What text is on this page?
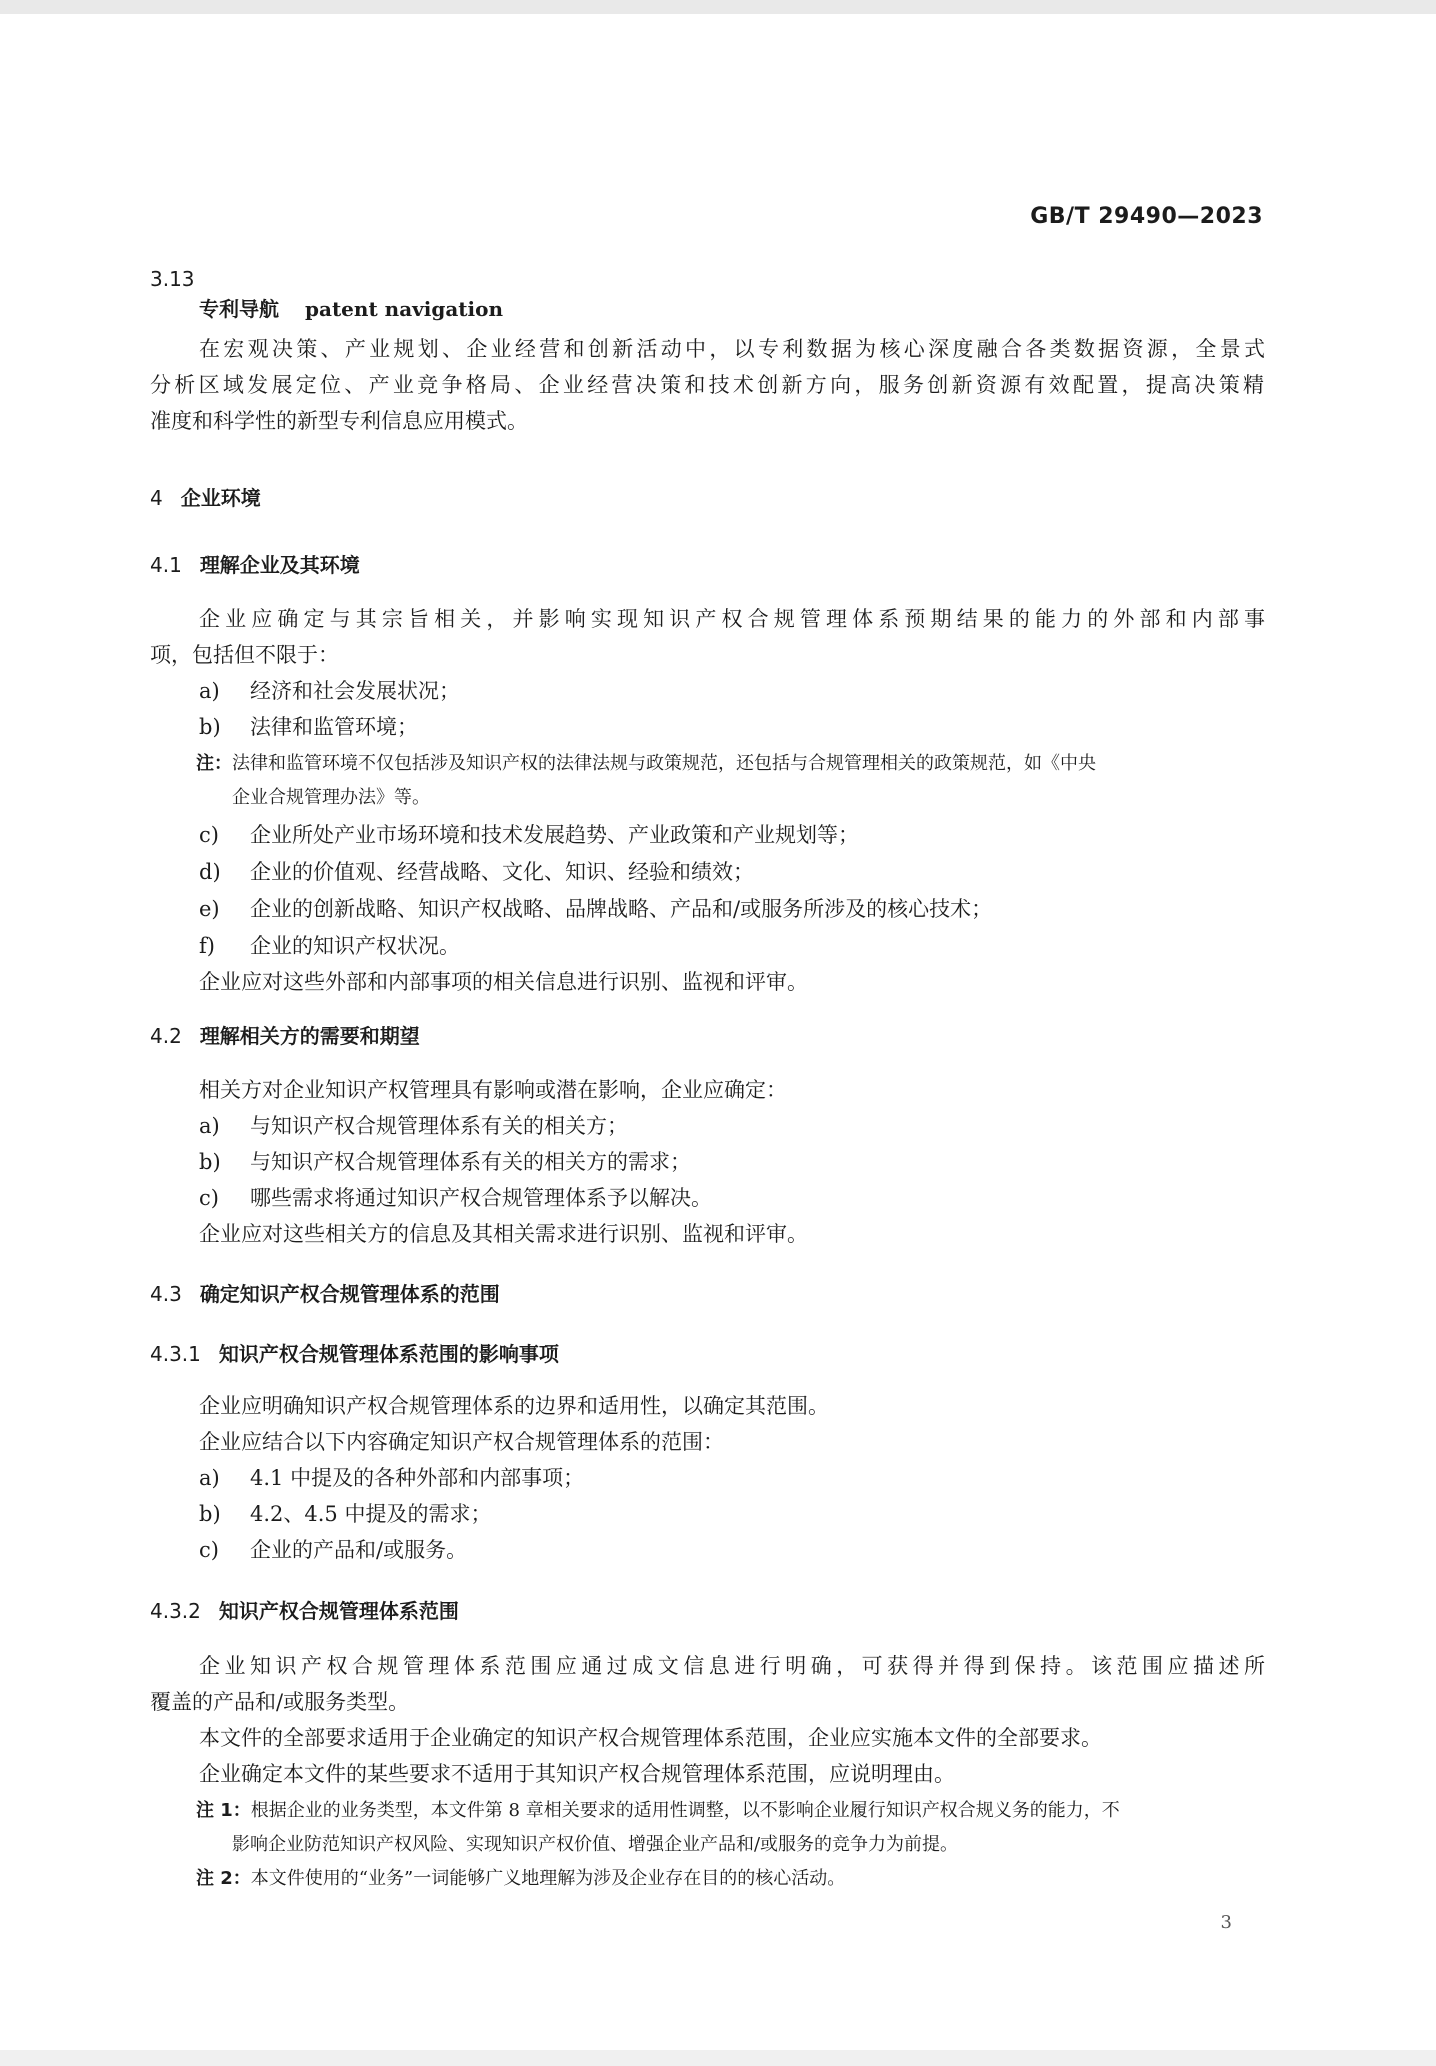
GB/T 29490—2023
3.13
专利导航 patent navigation
在宏观决策、产业规划、企业经营和创新活动中，以专利数据为核心深度融合各类数据资源，全景式
分析区域发展定位、产业竞争格局、企业经营决策和技术创新方向，服务创新资源有效配置，提高决策精
准度和科学性的新型专利信息应用模式。
4 企业环境
4.1 理解企业及其环境
企业应确定与其宗旨相关，并影响实现知识产权合规管理体系预期结果的能力的外部和内部事
项，包括但不限于：
a) 经济和社会发展状况；
b) 法律和监管环境；
注：法律和监管环境不仅包括涉及知识产权的法律法规与政策规范，还包括与合规管理相关的政策规范，如《中央
企业合规管理办法》等。
c) 企业所处产业市场环境和技术发展趋势、产业政策和产业规划等；
d) 企业的价值观、经营战略、文化、知识、经验和绩效；
e) 企业的创新战略、知识产权战略、品牌战略、产品和/或服务所涉及的核心技术；
f) 企业的知识产权状况。
企业应对这些外部和内部事项的相关信息进行识别、监视和评审。
4.2 理解相关方的需要和期望
相关方对企业知识产权管理具有影响或潜在影响，企业应确定：
a) 与知识产权合规管理体系有关的相关方；
b) 与知识产权合规管理体系有关的相关方的需求；
c) 哪些需求将通过知识产权合规管理体系予以解决。
企业应对这些相关方的信息及其相关需求进行识别、监视和评审。
4.3 确定知识产权合规管理体系的范围
4.3.1 知识产权合规管理体系范围的影响事项
企业应明确知识产权合规管理体系的边界和适用性，以确定其范围。
企业应结合以下内容确定知识产权合规管理体系的范围：
a) 4.1 中提及的各种外部和内部事项；
b) 4.2、4.5 中提及的需求；
c) 企业的产品和/或服务。
4.3.2 知识产权合规管理体系范围
企业知识产权合规管理体系范围应通过成文信息进行明确，可获得并得到保持。该范围应描述所
覆盖的产品和/或服务类型。
本文件的全部要求适用于企业确定的知识产权合规管理体系范围，企业应实施本文件的全部要求。
企业确定本文件的某些要求不适用于其知识产权合规管理体系范围，应说明理由。
注 1：根据企业的业务类型，本文件第 8 章相关要求的适用性调整，以不影响企业履行知识产权合规义务的能力，不
影响企业防范知识产权风险、实现知识产权价值、增强企业产品和/或服务的竞争力为前提。
注 2：本文件使用的“业务”一词能够广义地理解为涉及企业存在目的的核心活动。
3
